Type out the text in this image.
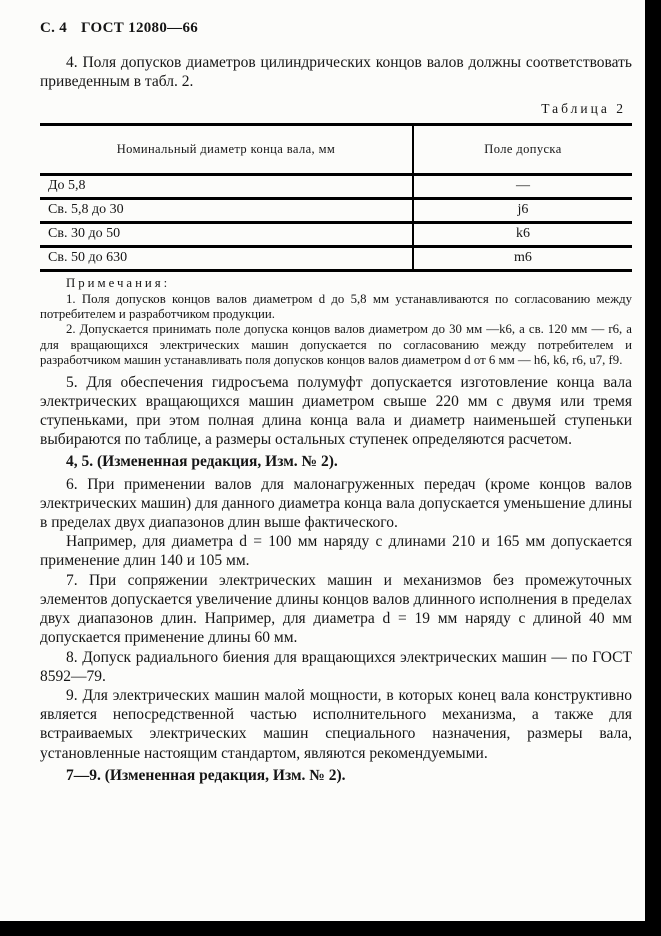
С. 4 ГОСТ 12080—66

4. Поля допусков диаметров цилиндрических концов валов должны соответствовать приведенным в табл. 2.

Таблица 2
Номинальный диаметр конца вала, мм	Поле допуска
До 5,8	—
Св. 5,8 до 30	j6
Св. 30 до 50	k6
Св. 50 до 630	m6
Примечания:

1. Поля допусков концов валов диаметром d до 5,8 мм устанавливаются по согласованию между потребителем и разработчиком продукции.

2. Допускается принимать поле допуска концов валов диаметром до 30 мм —k6, а св. 120 мм — r6, а для вращающихся электрических машин допускается по согласованию между потребителем и разработчиком машин устанавливать поля допусков концов валов диаметром d от 6 мм — h6, k6, r6, u7, f9.

5. Для обеспечения гидросъема полумуфт допускается изготовление конца вала электрических вращающихся машин диаметром свыше 220 мм с двумя или тремя ступеньками, при этом полная длина конца вала и диаметр наименьшей ступеньки выбираются по таблице, а размеры остальных ступенек определяются расчетом.

4, 5. (Измененная редакция, Изм. № 2).

6. При применении валов для малонагруженных передач (кроме концов валов электрических машин) для данного диаметра конца вала допускается уменьшение длины в пределах двух диапазонов длин выше фактического.

Например, для диаметра d = 100 мм наряду с длинами 210 и 165 мм допускается применение длин 140 и 105 мм.

7. При сопряжении электрических машин и механизмов без промежуточных элементов допускается увеличение длины концов валов длинного исполнения в пределах двух диапазонов длин. Например, для диаметра d = 19 мм наряду с длиной 40 мм допускается применение длины 60 мм.

8. Допуск радиального биения для вращающихся электрических машин — по ГОСТ 8592—79.

9. Для электрических машин малой мощности, в которых конец вала конструктивно является непосредственной частью исполнительного механизма, а также для встраиваемых электрических машин специального назначения, размеры вала, установленные настоящим стандартом, являются рекомендуемыми.

7—9. (Измененная редакция, Изм. № 2).
